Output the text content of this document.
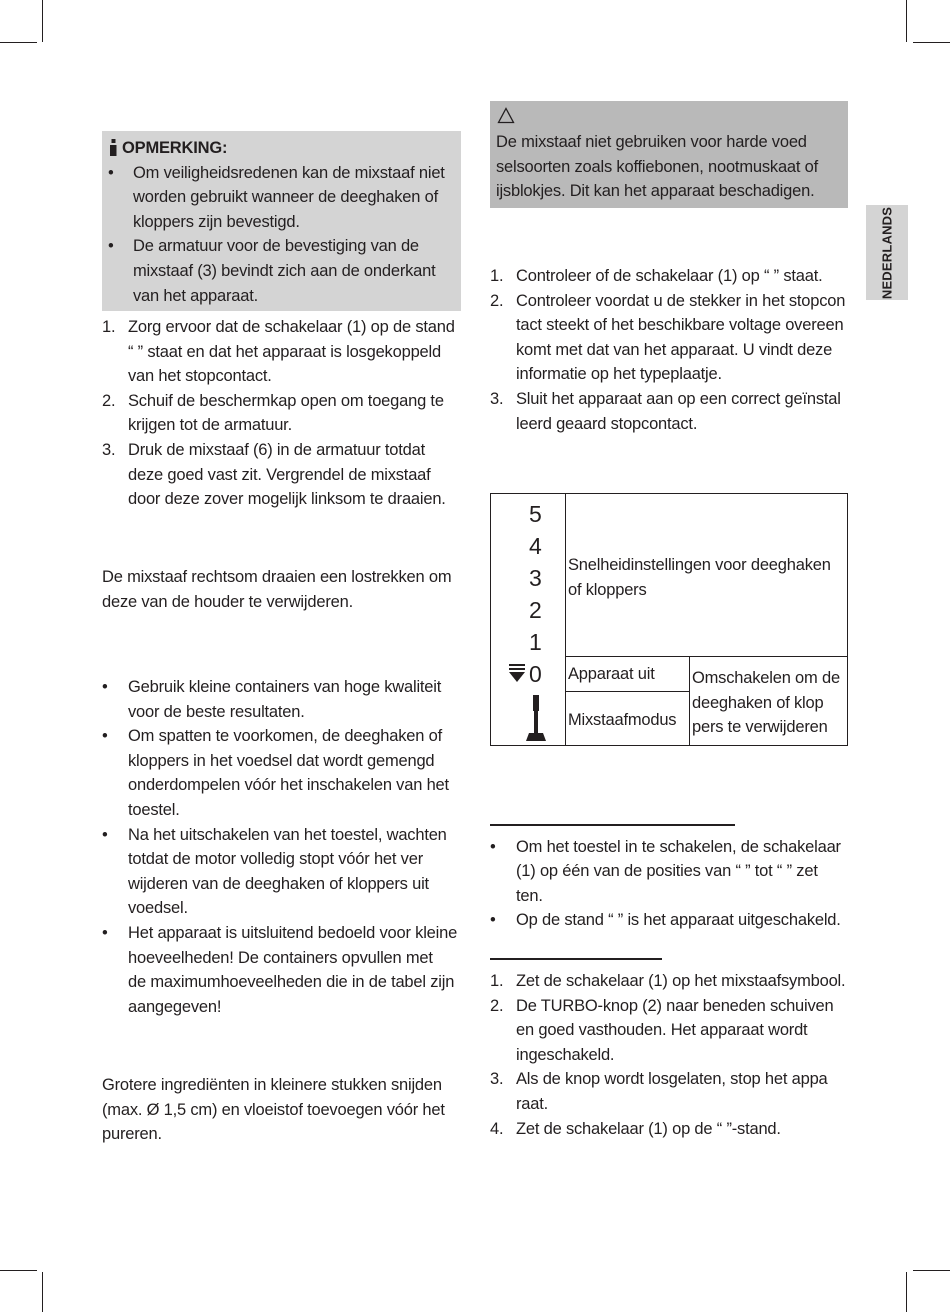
OPMERKING:
• Om veiligheidsredenen kan de mixstaaf niet
worden gebruikt wanneer de deeghaken of
kloppers zijn bevestigd.
• De armatuur voor de bevestiging van de
mixstaaf (3) bevindt zich aan de onderkant
van het apparaat.
1. Zorg ervoor dat de schakelaar (1) op de stand
“ ” staat en dat het apparaat is losgekoppeld
van het stopcontact.
2. Schuif de beschermkap open om toegang te
krijgen tot de armatuur.
3. Druk de mixstaaf (6) in de armatuur totdat
deze goed vast zit. Vergrendel de mixstaaf
door deze zover mogelijk linksom te draaien.
De mixstaaf rechtsom draaien een lostrekken om
deze van de houder te verwijderen.
• Gebruik kleine containers van hoge kwaliteit
voor de beste resultaten.
• Om spatten te voorkomen, de deeghaken of
kloppers in het voedsel dat wordt gemengd
onderdompelen vóór het inschakelen van het
toestel.
• Na het uitschakelen van het toestel, wachten
totdat de motor volledig stopt vóór het ver
wijderen van de deeghaken of kloppers uit
voedsel.
• Het apparaat is uitsluitend bedoeld voor kleine
hoeveelheden! De containers opvullen met
de maximumhoeveelheden die in de tabel zijn
aangegeven!
Grotere ingrediënten in kleinere stukken snijden
(max. Ø 1,5 cm) en vloeistof toevoegen vóór het
pureren.
De mixstaaf niet gebruiken voor harde voed
selsoorten zoals koffiebonen, nootmuskaat of
ijsblokjes. Dit kan het apparaat beschadigen.
NEDERLANDS
1. Controleer of de schakelaar (1) op “ ” staat.
2. Controleer voordat u de stekker in het stopcon
tact steekt of het beschikbare voltage overeen
komt met dat van het apparaat. U vindt deze
informatie op het typeplaatje.
3. Sluit het apparaat aan op een correct geïnstal
leerd geaard stopcontact.
5
4
3
2
1
0
Snelheidinstellingen voor deeghaken
of kloppers
Apparaat uit
Mixstaafmodus
Omschakelen om de
deeghaken of klop
pers te verwijderen
• Om het toestel in te schakelen, de schakelaar
(1) op één van de posities van “ ” tot “ ” zet
ten.
• Op de stand “ ” is het apparaat uitgeschakeld.
1. Zet de schakelaar (1) op het mixstaafsymbool.
2. De TURBO-knop (2) naar beneden schuiven
en goed vasthouden. Het apparaat wordt
ingeschakeld.
3. Als de knop wordt losgelaten, stop het appa
raat.
4. Zet de schakelaar (1) op de “ ”-stand.
